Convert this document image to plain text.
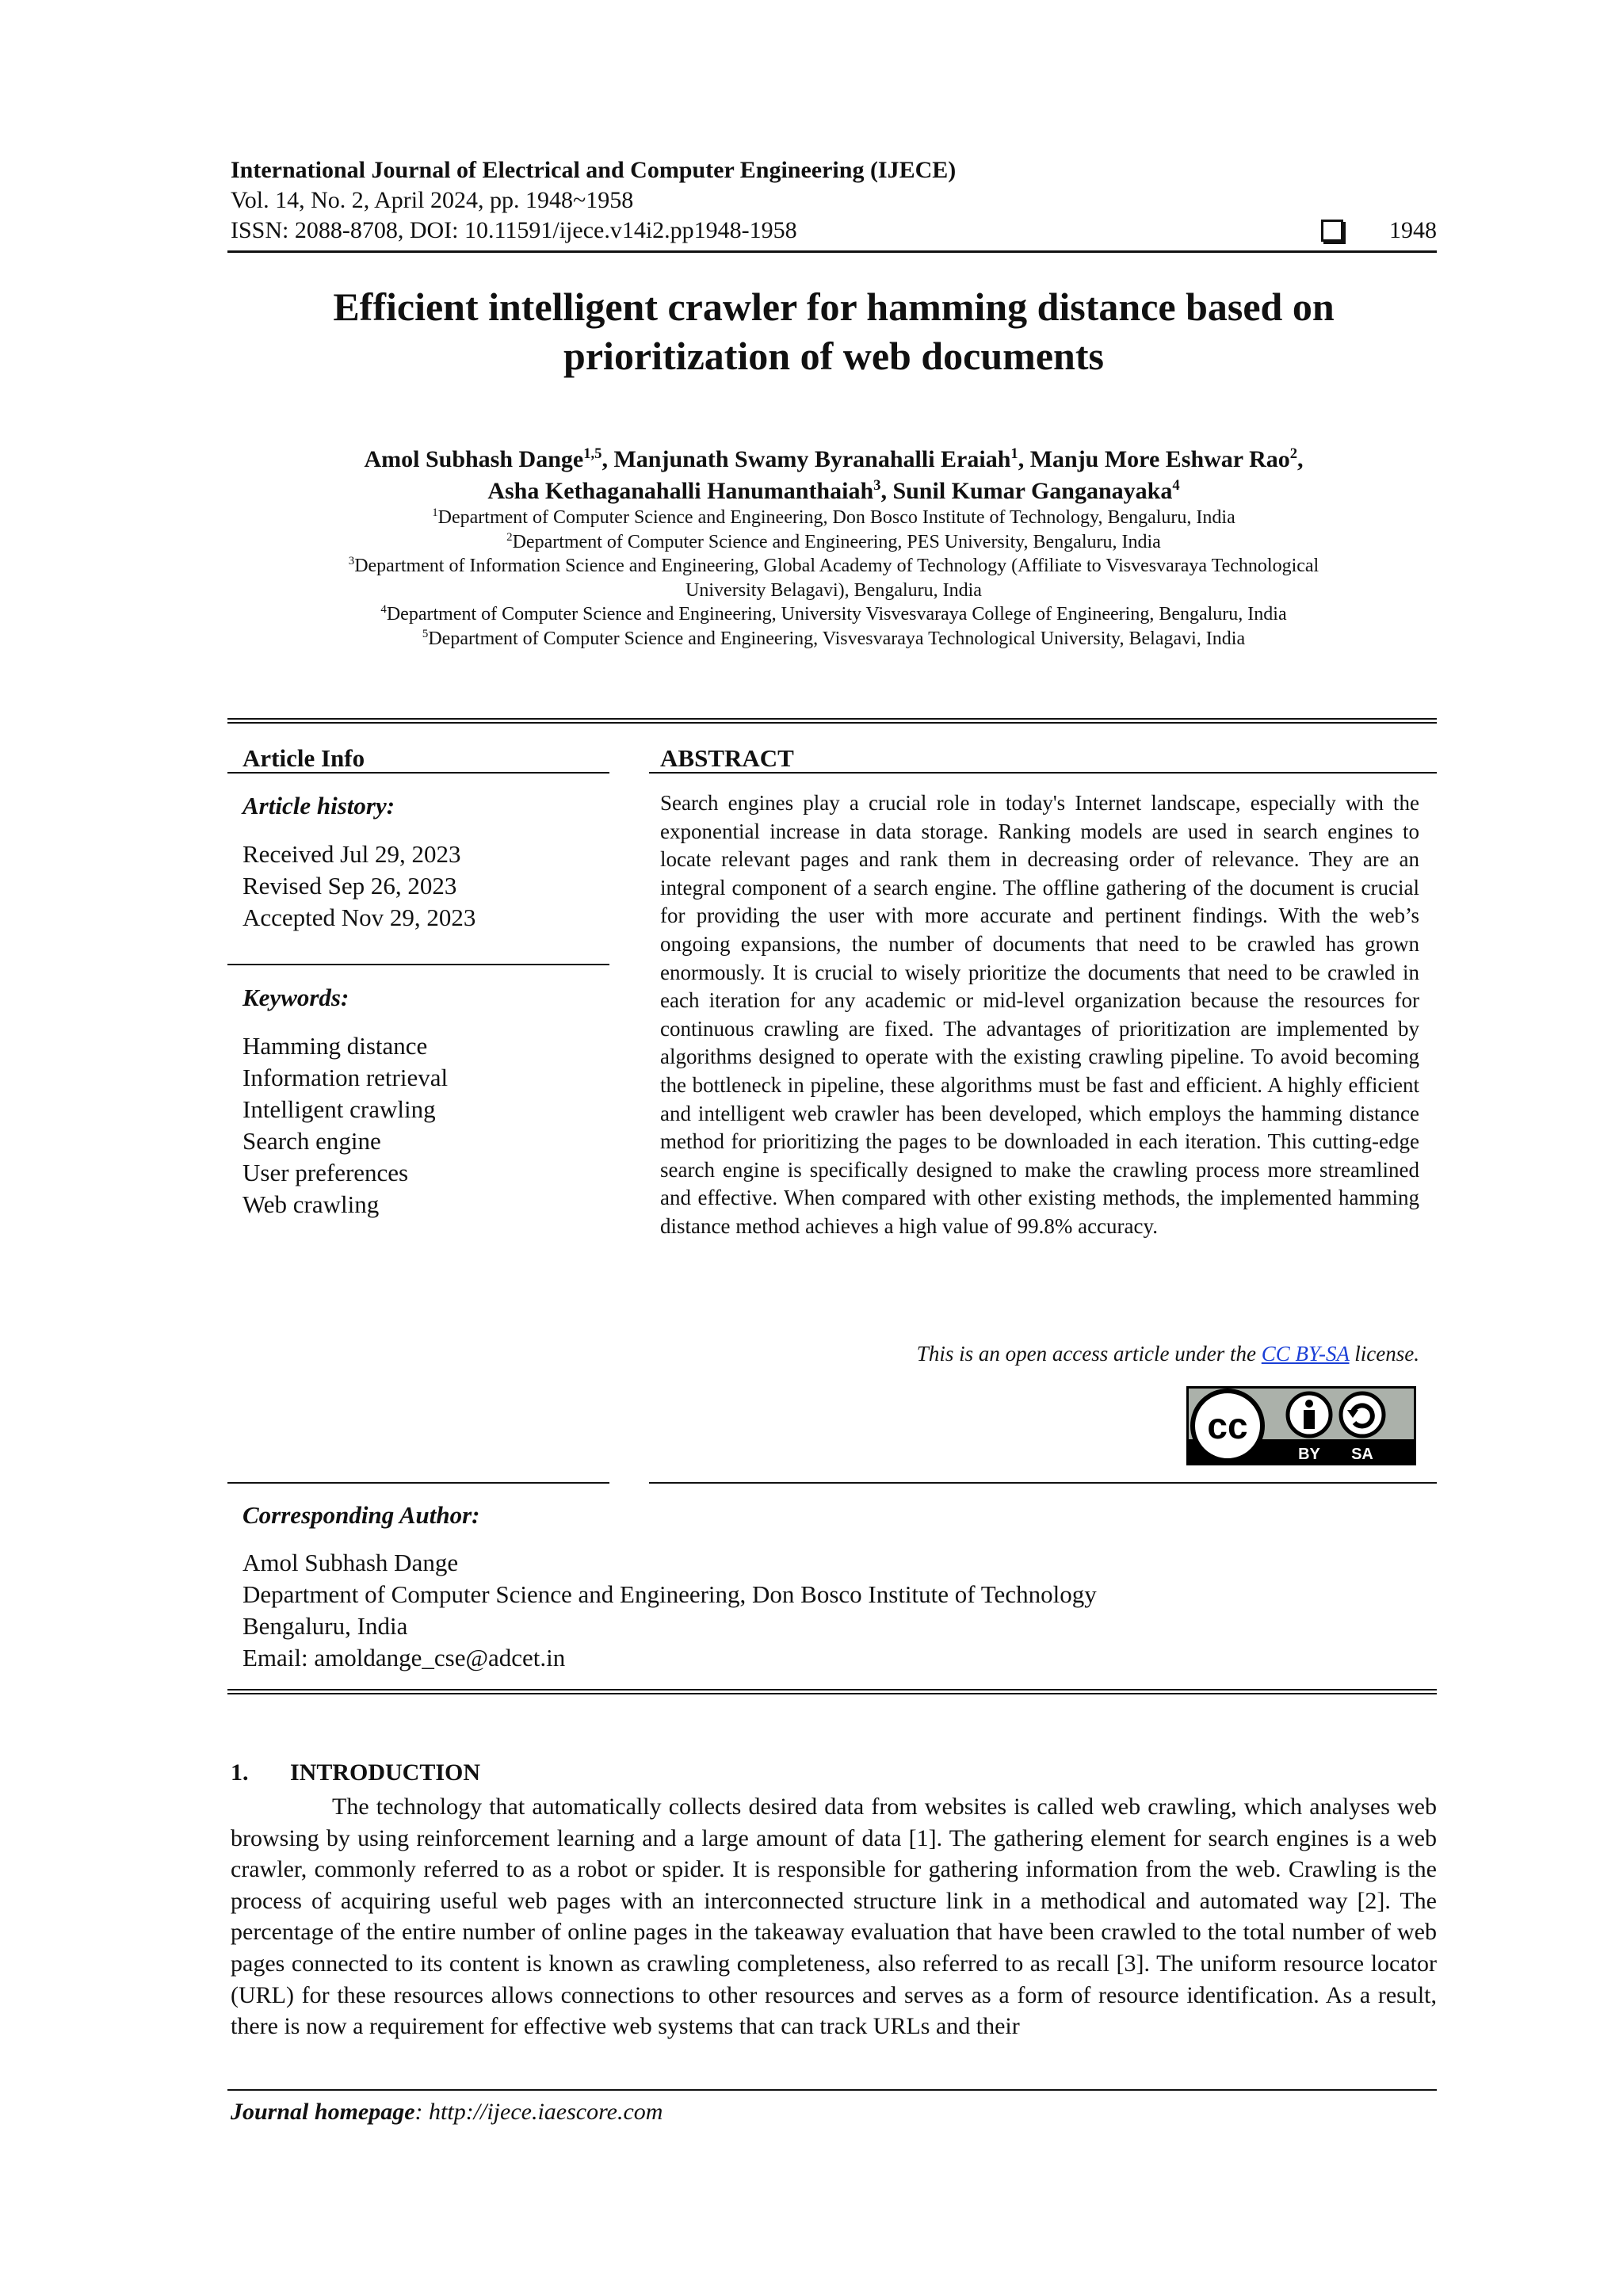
International Journal of Electrical and Computer Engineering (IJECE)
Vol. 14, No. 2, April 2024, pp. 1948~1958
ISSN: 2088-8708, DOI: 10.11591/ijece.v14i2.pp1948-1958	1948
Efficient intelligent crawler for hamming distance based on
prioritization of web documents
Amol Subhash Dange$^{1,5}$, Manjunath Swamy Byranahalli Eraiah$^1$, Manju More Eshwar Rao$^2$,
Asha Kethaganahalli Hanumanthaiah$^3$, Sunil Kumar Ganganayaka$^4$
$^1$Department of Computer Science and Engineering, Don Bosco Institute of Technology, Bengaluru, India
$^2$Department of Computer Science and Engineering, PES University, Bengaluru, India
$^3$Department of Information Science and Engineering, Global Academy of Technology (Affiliate to Visvesvaraya Technological
University Belagavi), Bengaluru, India
$^4$Department of Computer Science and Engineering, University Visvesvaraya College of Engineering, Bengaluru, India
$^5$Department of Computer Science and Engineering, Visvesvaraya Technological University, Belagavi, India
Article Info	ABSTRACT
Article history:
Received Jul 29, 2023
Revised Sep 26, 2023
Accepted Nov 29, 2023
Keywords:
Hamming distance
Information retrieval
Intelligent crawling
Search engine
User preferences
Web crawling
Search engines play a crucial role in today's Internet landscape, especially with the exponential increase in data storage. Ranking models are used in search engines to locate relevant pages and rank them in decreasing order of relevance. They are an integral component of a search engine. The offline gathering of the document is crucial for providing the user with more accurate and pertinent findings. With the web’s ongoing expansions, the number of documents that need to be crawled has grown enormously. It is crucial to wisely prioritize the documents that need to be crawled in each iteration for any academic or mid-level organization because the resources for continuous crawling are fixed. The advantages of prioritization are implemented by algorithms designed to operate with the existing crawling pipeline. To avoid becoming the bottleneck in pipeline, these algorithms must be fast and efficient. A highly efficient and intelligent web crawler has been developed, which employs the hamming distance method for prioritizing the pages to be downloaded in each iteration. This cutting-edge search engine is specifically designed to make the crawling process more streamlined and effective. When compared with other existing methods, the implemented hamming distance method achieves a high value of 99.8% accuracy.
This is an open access article under the CC BY-SA license.
cc
BY SA
Corresponding Author:
Amol Subhash Dange
Department of Computer Science and Engineering, Don Bosco Institute of Technology
Bengaluru, India
Email: amoldange_cse@adcet.in
1. INTRODUCTION
The technology that automatically collects desired data from websites is called web crawling, which analyses web browsing by using reinforcement learning and a large amount of data [1]. The gathering element for search engines is a web crawler, commonly referred to as a robot or spider. It is responsible for gathering information from the web. Crawling is the process of acquiring useful web pages with an interconnected structure link in a methodical and automated way [2]. The percentage of the entire number of online pages in the takeaway evaluation that have been crawled to the total number of web pages connected to its content is known as crawling completeness, also referred to as recall [3]. The uniform resource locator (URL) for these resources allows connections to other resources and serves as a form of resource identification. As a result, there is now a requirement for effective web systems that can track URLs and their
Journal homepage: http://ijece.iaescore.com
